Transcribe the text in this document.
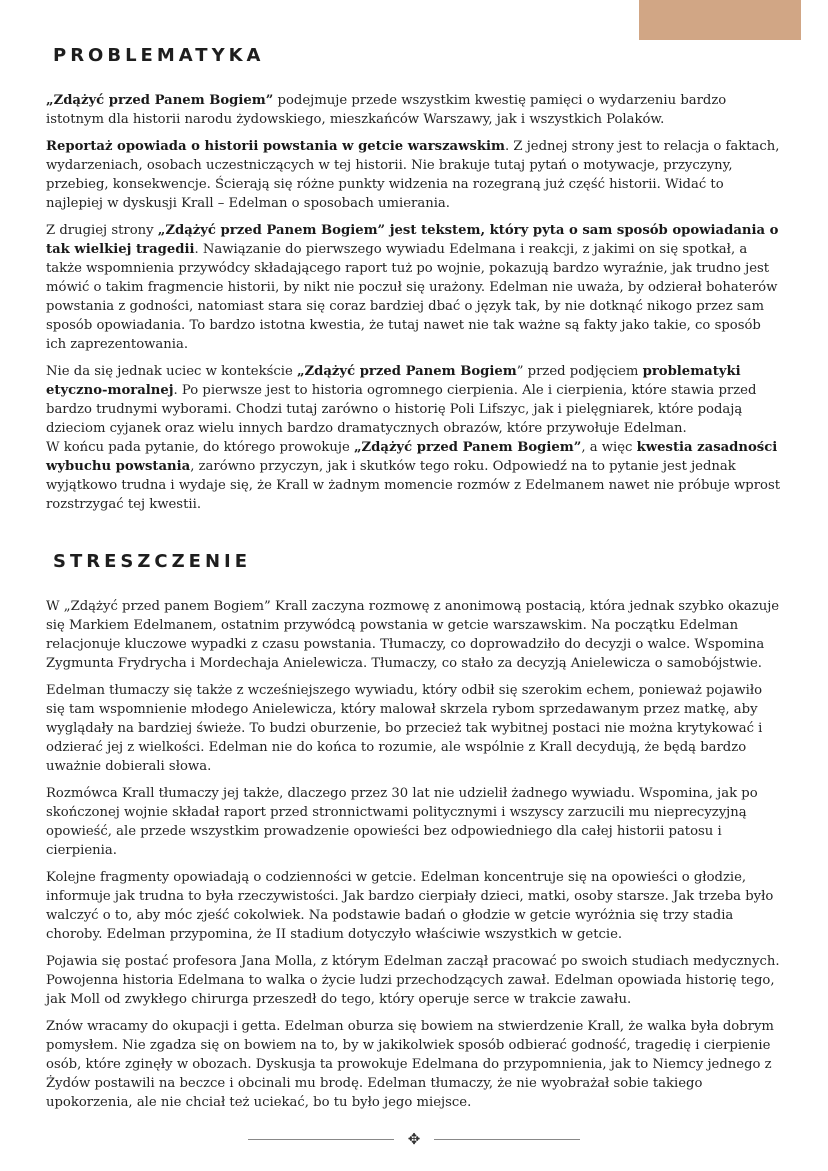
PROBLEMATYKA

„Zdążyć przed Panem Bogiem” podejmuje przede wszystkim kwestię pamięci o wydarzeniu bardzo istotnym dla historii narodu żydowskiego, mieszkańców Warszawy, jak i wszystkich Polaków.

Reportaż opowiada o historii powstania w getcie warszawskim. Z jednej strony jest to relacja o faktach, wydarzeniach, osobach uczestniczących w tej historii. Nie brakuje tutaj pytań o motywacje, przyczyny, przebieg, konsekwencje. Ścierają się różne punkty widzenia na rozegraną już część historii. Widać to najlepiej w dyskusji Krall – Edelman o sposobach umierania.

Z drugiej strony „Zdążyć przed Panem Bogiem” jest tekstem, który pyta o sam sposób opowiadania o tak wielkiej tragedii. Nawiązanie do pierwszego wywiadu Edelmana i reakcji, z jakimi on się spotkał, a także wspomnienia przywódcy składającego raport tuż po wojnie, pokazują bardzo wyraźnie, jak trudno jest mówić o takim fragmencie historii, by nikt nie poczuł się urażony. Edelman nie uważa, by odzierał bohaterów powstania z godności, natomiast stara się coraz bardziej dbać o język tak, by nie dotknąć nikogo przez sam sposób opowiadania. To bardzo istotna kwestia, że tutaj nawet nie tak ważne są fakty jako takie, co sposób ich zaprezentowania.

Nie da się jednak uciec w kontekście „Zdążyć przed Panem Bogiem” przed podjęciem problematyki etyczno-moralnej. Po pierwsze jest to historia ogromnego cierpienia. Ale i cierpienia, które stawia przed bardzo trudnymi wyborami. Chodzi tutaj zarówno o historię Poli Lifszyc, jak i pielęgniarek, które podają dzieciom cyjanek oraz wielu innych bardzo dramatycznych obrazów, które przywołuje Edelman.

W końcu pada pytanie, do którego prowokuje „Zdążyć przed Panem Bogiem”, a więc kwestia zasadności wybuchu powstania, zarówno przyczyn, jak i skutków tego roku. Odpowiedź na to pytanie jest jednak wyjątkowo trudna i wydaje się, że Krall w żadnym momencie rozmów z Edelmanem nawet nie próbuje wprost rozstrzygać tej kwestii.

STRESZCZENIE

W „Zdążyć przed panem Bogiem” Krall zaczyna rozmowę z anonimową postacią, która jednak szybko okazuje się Markiem Edelmanem, ostatnim przywódcą powstania w getcie warszawskim. Na początku Edelman relacjonuje kluczowe wypadki z czasu powstania. Tłumaczy, co doprowadziło do decyzji o walce. Wspomina Zygmunta Frydrycha i Mordechaja Anielewicza. Tłumaczy, co stało za decyzją Anielewicza o samobójstwie.

Edelman tłumaczy się także z wcześniejszego wywiadu, który odbił się szerokim echem, ponieważ pojawiło się tam wspomnienie młodego Anielewicza, który malował skrzela rybom sprzedawanym przez matkę, aby wyglądały na bardziej świeże. To budzi oburzenie, bo przecież tak wybitnej postaci nie można krytykować i odzierać jej z wielkości. Edelman nie do końca to rozumie, ale wspólnie z Krall decydują, że będą bardzo uważnie dobierali słowa.

Rozmówca Krall tłumaczy jej także, dlaczego przez 30 lat nie udzielił żadnego wywiadu. Wspomina, jak po skończonej wojnie składał raport przed stronnictwami politycznymi i wszyscy zarzucili mu nieprecyzyjną opowieść, ale przede wszystkim prowadzenie opowieści bez odpowiedniego dla całej historii patosu i cierpienia.

Kolejne fragmenty opowiadają o codzienności w getcie. Edelman koncentruje się na opowieści o głodzie, informuje jak trudna to była rzeczywistości. Jak bardzo cierpiały dzieci, matki, osoby starsze. Jak trzeba było walczyć o to, aby móc zjeść cokolwiek. Na podstawie badań o głodzie w getcie wyróżnia się trzy stadia choroby. Edelman przypomina, że II stadium dotyczyło właściwie wszystkich w getcie.

Pojawia się postać profesora Jana Molla, z którym Edelman zaczął pracować po swoich studiach medycznych. Powojenna historia Edelmana to walka o życie ludzi przechodzących zawał. Edelman opowiada historię tego, jak Moll od zwykłego chirurga przeszedł do tego, który operuje serce w trakcie zawału.

Znów wracamy do okupacji i getta. Edelman oburza się bowiem na stwierdzenie Krall, że walka była dobrym pomysłem. Nie zgadza się on bowiem na to, by w jakikolwiek sposób odbierać godność, tragedię i cierpienie osób, które zginęły w obozach. Dyskusja ta prowokuje Edelmana do przypomnienia, jak to Niemcy jednego z Żydów postawili na beczce i obcinali mu brodę. Edelman tłumaczy, że nie wyobrażał sobie takiego upokorzenia, ale nie chciał też uciekać, bo tu było jego miejsce.

✥
